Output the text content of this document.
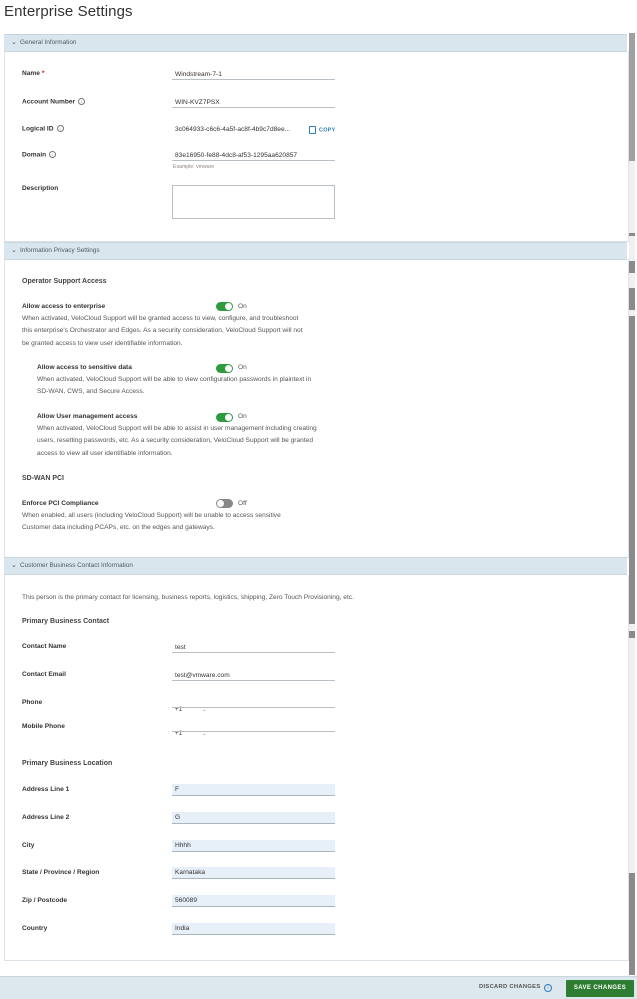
Enterprise Settings
⌄ General Information
Name *
Windstream-7-1
Account Number i
WIN-KVZ7PSX
Logical ID i	3c064933-c6c6-4a5f-ac8f-4b9c7d8ee...	COPY
Domain i
83e16950-fe88-4dc8-af53-1295aa620857
Example: vmware
Description
⌄ Information Privacy Settings
Operator Support Access
Allow access to enterprise	On
When activated, VeloCloud Support will be granted access to view, configure, and troubleshoot
this enterprise's Orchestrator and Edges. As a security consideration, VeloCloud Support will not
be granted access to view user identifiable information.
Allow access to sensitive data	On
When activated, VeloCloud Support will be able to view configuration passwords in plaintext in
SD-WAN, CWS, and Secure Access.
Allow User management access	On
When activated, VeloCloud Support will be able to assist in user management including creating
users, resetting passwords, etc. As a security consideration, VeloCloud Support will be granted
access to view all user identifiable information.
SD-WAN PCI
Enforce PCI Compliance	Off
When enabled, all users (including VeloCloud Support) will be unable to access sensitive
Customer data including PCAPs, etc. on the edges and gateways.
⌄ Customer Business Contact Information
This person is the primary contact for licensing, business reports, logistics, shipping, Zero Touch Provisioning, etc.
Primary Business Contact
Contact Name
test
Contact Email
test@vmware.com
Phone
+1	⌄
Mobile Phone
+1	⌄
Primary Business Location
Address Line 1
F
Address Line 2
G
City
Hhhh
State / Province / Region
Karnataka
Zip / Postcode
560089
Country
India
DISCARD CHANGES	i	SAVE CHANGES
